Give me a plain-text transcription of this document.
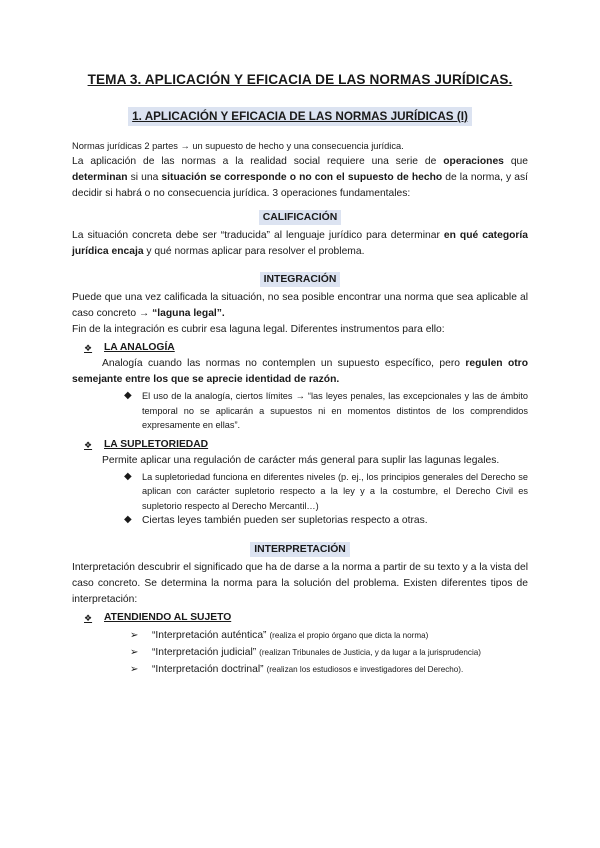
TEMA 3. APLICACIÓN Y EFICACIA DE LAS NORMAS JURÍDICAS.
1. APLICACIÓN Y EFICACIA DE LAS NORMAS JURÍDICAS (I)

Normas jurídicas 2 partes → un supuesto de hecho y una consecuencia jurídica.

La aplicación de las normas a la realidad social requiere una serie de operaciones que determinan si una situación se corresponde o no con el supuesto de hecho de la norma, y así decidir si habrá o no consecuencia jurídica. 3 operaciones fundamentales:

CALIFICACIÓN

La situación concreta debe ser “traducida” al lenguaje jurídico para determinar en qué categoría jurídica encaja y qué normas aplicar para resolver el problema.

INTEGRACIÓN

Puede que una vez calificada la situación, no sea posible encontrar una norma que sea aplicable al caso concreto → “laguna legal”.

Fin de la integración es cubrir esa laguna legal. Diferentes instrumentos para ello:

❖	LA ANALOGÍA

Analogía cuando las normas no contemplen un supuesto específico, pero regulen otro semejante entre los que se aprecie identidad de razón.

◆	El uso de la analogía, ciertos límites → “las leyes penales, las excepcionales y las de ámbito temporal no se aplicarán a supuestos ni en momentos distintos de los comprendidos expresamente en ellas”.
❖	LA SUPLETORIEDAD

Permite aplicar una regulación de carácter más general para suplir las lagunas legales.

◆	La supletoriedad funciona en diferentes niveles (p. ej., los principios generales del Derecho se aplican con carácter supletorio respecto a la ley y a la costumbre, el Derecho Civil es supletorio respecto al Derecho Mercantil…)
◆ Ciertas leyes también pueden ser supletorias respecto a otras.
INTERPRETACIÓN

Interpretación descubrir el significado que ha de darse a la norma a partir de su texto y a la vista del caso concreto. Se determina la norma para la solución del problema. Existen diferentes tipos de interpretación:

❖	ATENDIENDO AL SUJETO
➢	“Interpretación auténtica” (realiza el propio órgano que dicta la norma)
➢	“Interpretación judicial” (realizan Tribunales de Justicia, y da lugar a la jurisprudencia)
➢	“Interpretación doctrinal” (realizan los estudiosos e investigadores del Derecho).
